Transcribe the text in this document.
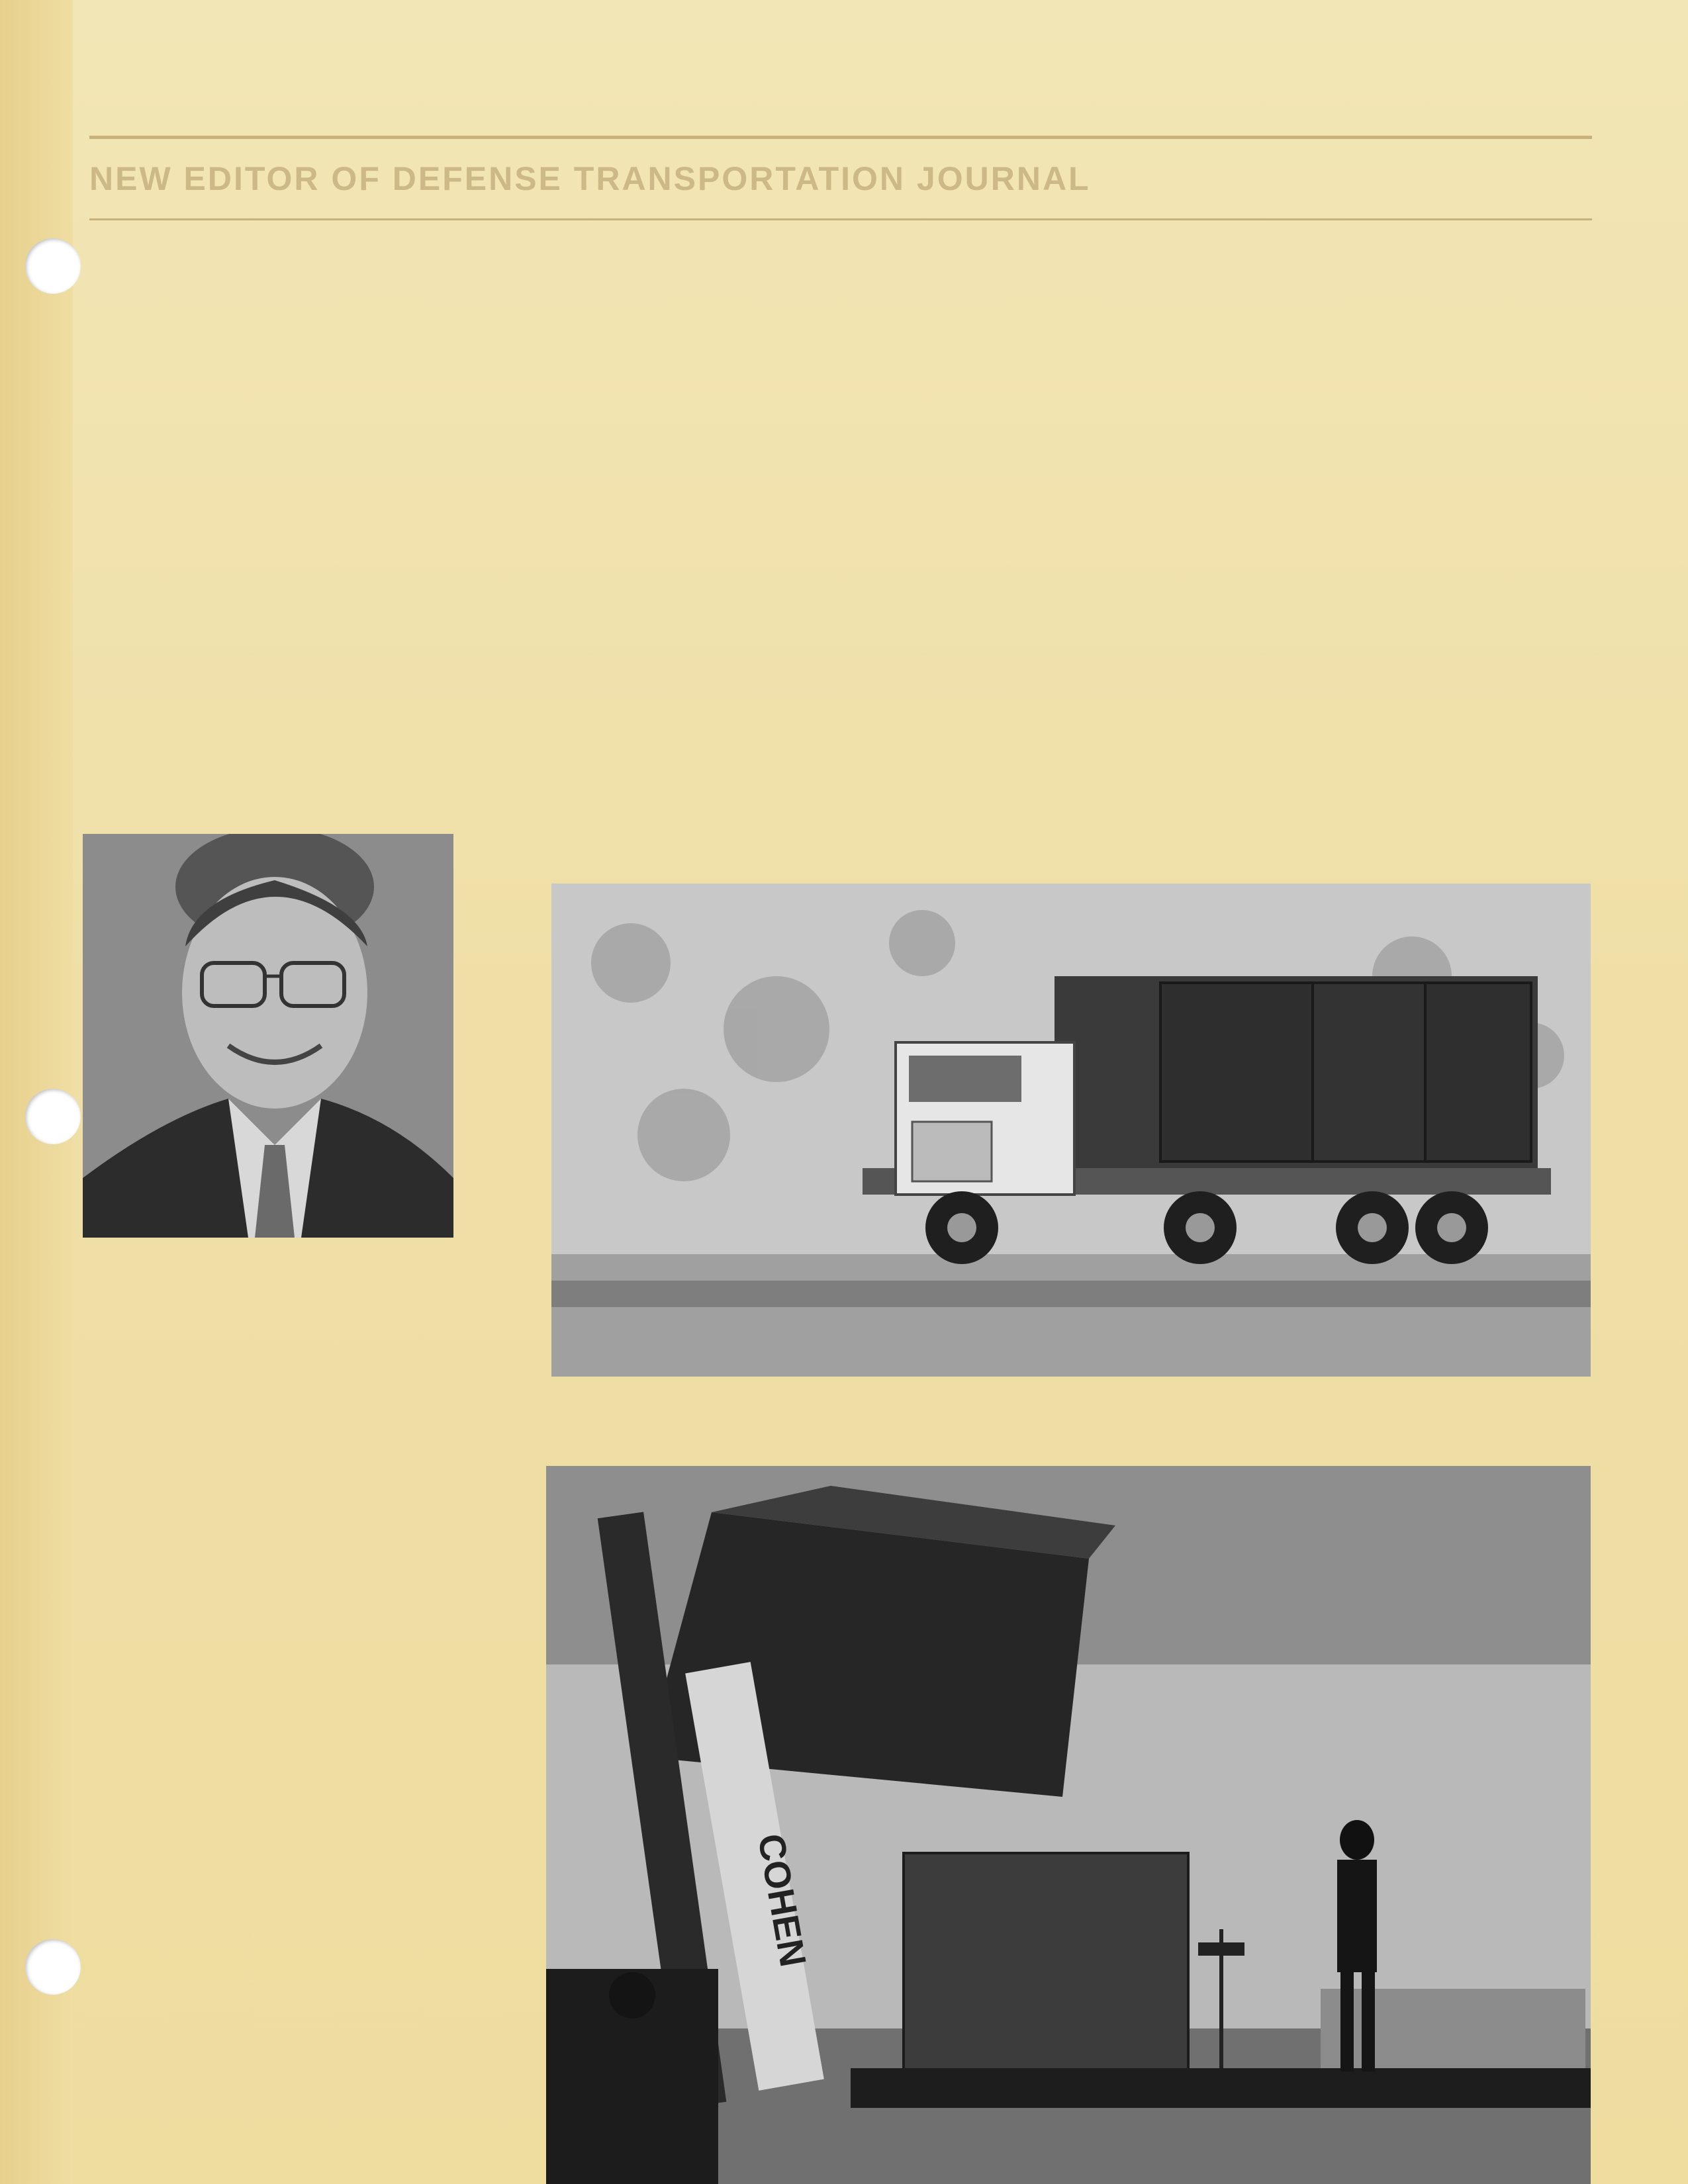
NEW EDITOR OF DEFENSE TRANSPORTATION JOURNAL
COHEN
